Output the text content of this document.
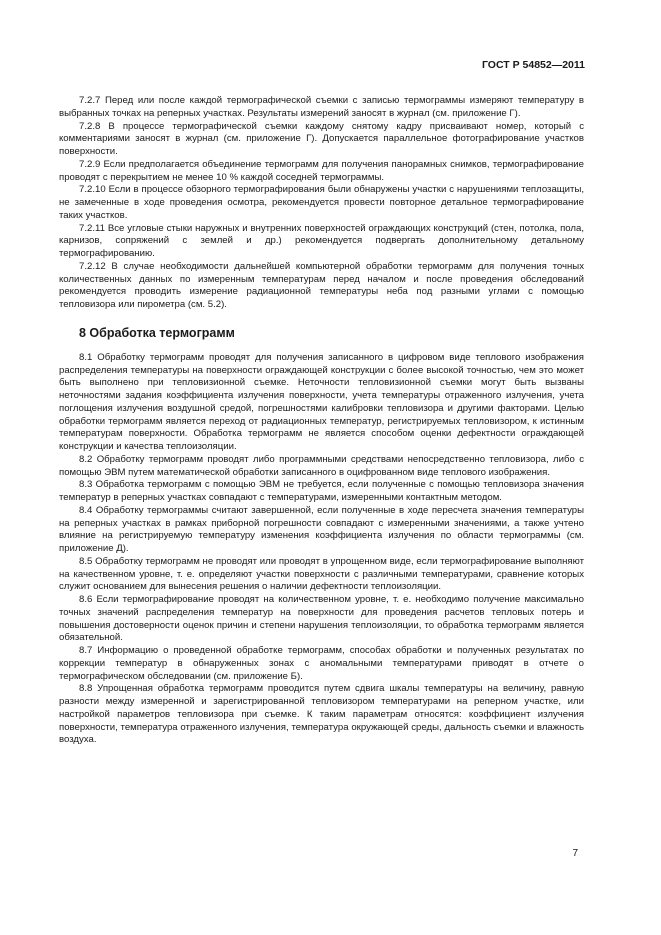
ГОСТ Р 54852—2011

7.2.7 Перед или после каждой термографической съемки с записью термограммы измеряют температуру в выбранных точках на реперных участках. Результаты измерений заносят в журнал (см. приложение Г).

7.2.8 В процессе термографической съемки каждому снятому кадру присваивают номер, который с комментариями заносят в журнал (см. приложение Г). Допускается параллельное фотографирование участков поверхности.

7.2.9 Если предполагается объединение термограмм для получения панорамных снимков, термографирование проводят с перекрытием не менее 10 % каждой соседней термограммы.

7.2.10 Если в процессе обзорного термографирования были обнаружены участки с нарушениями теплозащиты, не замеченные в ходе проведения осмотра, рекомендуется провести повторное детальное термографирование таких участков.

7.2.11 Все угловые стыки наружных и внутренних поверхностей ограждающих конструкций (стен, потолка, пола, карнизов, сопряжений с землей и др.) рекомендуется подвергать дополнительному детальному термографированию.

7.2.12 В случае необходимости дальнейшей компьютерной обработки термограмм для получения точных количественных данных по измеренным температурам перед началом и после проведения обследований рекомендуется проводить измерение радиационной температуры неба под разными углами с помощью тепловизора или пирометра (см. 5.2).

8 Обработка термограмм

8.1 Обработку термограмм проводят для получения записанного в цифровом виде теплового изображения распределения температуры на поверхности ограждающей конструкции с более высокой точностью, чем это может быть выполнено при тепловизионной съемке. Неточности тепловизионной съемки могут быть вызваны неточностями задания коэффициента излучения поверхности, учета температуры отраженного излучения, учета поглощения излучения воздушной средой, погрешностями калибровки тепловизора и другими факторами. Целью обработки термограмм является переход от радиационных температур, регистрируемых тепловизором, к истинным температурам поверхности. Обработка термограмм не является способом оценки дефектности ограждающей конструкции и качества теплоизоляции.

8.2 Обработку термограмм проводят либо программными средствами непосредственно тепловизора, либо с помощью ЭВМ путем математической обработки записанного в оцифрованном виде теплового изображения.

8.3 Обработка термограмм с помощью ЭВМ не требуется, если полученные с помощью тепловизора значения температур в реперных участках совпадают с температурами, измеренными контактным методом.

8.4 Обработку термограммы считают завершенной, если полученные в ходе пересчета значения температуры на реперных участках в рамках приборной погрешности совпадают с измеренными значениями, а также учтено влияние на регистрируемую температуру изменения коэффициента излучения по области термограммы (см. приложение Д).

8.5 Обработку термограмм не проводят или проводят в упрощенном виде, если термографирование выполняют на качественном уровне, т. е. определяют участки поверхности с различными температурами, сравнение которых служит основанием для вынесения решения о наличии дефектности теплоизоляции.

8.6 Если термографирование проводят на количественном уровне, т. е. необходимо получение максимально точных значений распределения температур на поверхности для проведения расчетов тепловых потерь и повышения достоверности оценок причин и степени нарушения теплоизоляции, то обработка термограмм является обязательной.

8.7 Информацию о проведенной обработке термограмм, способах обработки и полученных результатах по коррекции температур в обнаруженных зонах с аномальными температурами приводят в отчете о термографическом обследовании (см. приложение Б).

8.8 Упрощенная обработка термограмм проводится путем сдвига шкалы температуры на величину, равную разности между измеренной и зарегистрированной тепловизором температурами на реперном участке, или настройкой параметров тепловизора при съемке. К таким параметрам относятся: коэффициент излучения поверхности, температура отраженного излучения, температура окружающей среды, дальность съемки и влажность воздуха.

7
